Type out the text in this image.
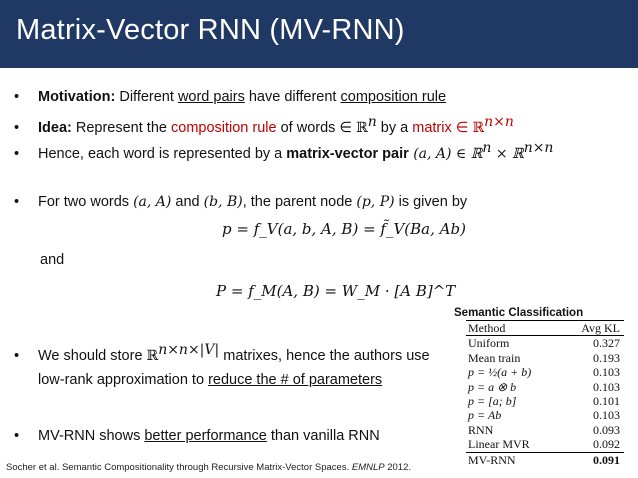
Matrix-Vector RNN (MV-RNN)
• Motivation: Different word pairs have different composition rule
• Idea: Represent the composition rule of words ∈ ℝ$^n$ by a matrix ∈ ℝ$^{n\times n}$
• Hence, each word is represented by a matrix-vector pair (a, A) ∈ ℝ$^n$ × ℝ$^{n\times n}$
• For two words (a, A) and (b, B), the parent node (p, P) is given by
p = f_V(a, b, A, B) = f̃_V(Ba, Ab)
and
P = f_M(A, B) = W_M · [A B]^T
• We should store ℝ$^{n\times n\times|V|}$ matrixes, hence the authors use
low-rank approximation to reduce the # of parameters
• MV-RNN shows better performance than vanilla RNN
Semantic Classification
Method	Avg KL
Uniform	0.327
Mean train	0.193
p = ½(a + b)	0.103
p = a ⊗ b	0.103
p = [a; b]	0.101
p = Ab	0.103
RNN	0.093
Linear MVR	0.092
MV-RNN	0.091
Socher et al. Semantic Compositionality through Recursive Matrix-Vector Spaces. EMNLP 2012.
